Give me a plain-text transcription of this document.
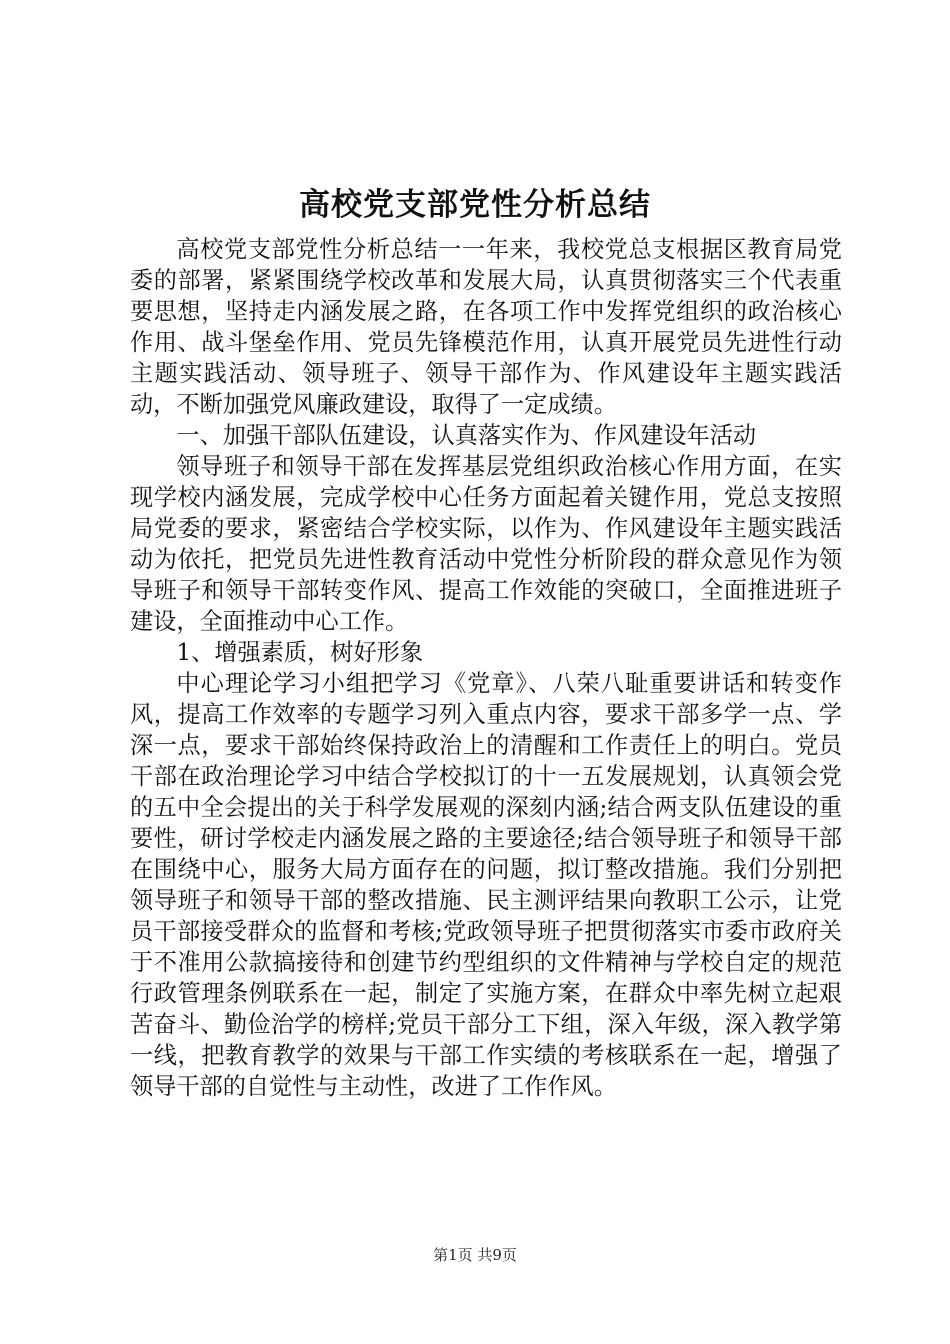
高校党支部党性分析总结

高校党支部党性分析总结一一年来，我校党总支根据区教育局党委的部署，紧紧围绕学校改革和发展大局，认真贯彻落实三个代表重要思想，坚持走内涵发展之路，在各项工作中发挥党组织的政治核心作用、战斗堡垒作用、党员先锋模范作用，认真开展党员先进性行动主题实践活动、领导班子、领导干部作为、作风建设年主题实践活动，不断加强党风廉政建设，取得了一定成绩。

一、加强干部队伍建设，认真落实作为、作风建设年活动

领导班子和领导干部在发挥基层党组织政治核心作用方面，在实现学校内涵发展，完成学校中心任务方面起着关键作用，党总支按照局党委的要求，紧密结合学校实际，以作为、作风建设年主题实践活动为依托，把党员先进性教育活动中党性分析阶段的群众意见作为领导班子和领导干部转变作风、提高工作效能的突破口，全面推进班子建设，全面推动中心工作。

1、增强素质，树好形象

中心理论学习小组把学习《党章》、八荣八耻重要讲话和转变作风，提高工作效率的专题学习列入重点内容，要求干部多学一点、学深一点，要求干部始终保持政治上的清醒和工作责任上的明白。党员干部在政治理论学习中结合学校拟订的十一五发展规划，认真领会党的五中全会提出的关于科学发展观的深刻内涵;结合两支队伍建设的重要性，研讨学校走内涵发展之路的主要途径;结合领导班子和领导干部在围绕中心，服务大局方面存在的问题，拟订整改措施。我们分别把领导班子和领导干部的整改措施、民主测评结果向教职工公示，让党员干部接受群众的监督和考核;党政领导班子把贯彻落实市委市政府关于不准用公款搞接待和创建节约型组织的文件精神与学校自定的规范行政管理条例联系在一起，制定了实施方案，在群众中率先树立起艰苦奋斗、勤俭治学的榜样;党员干部分工下组，深入年级，深入教学第一线，把教育教学的效果与干部工作实绩的考核联系在一起，增强了领导干部的自觉性与主动性，改进了工作作风。

第1页 共9页
